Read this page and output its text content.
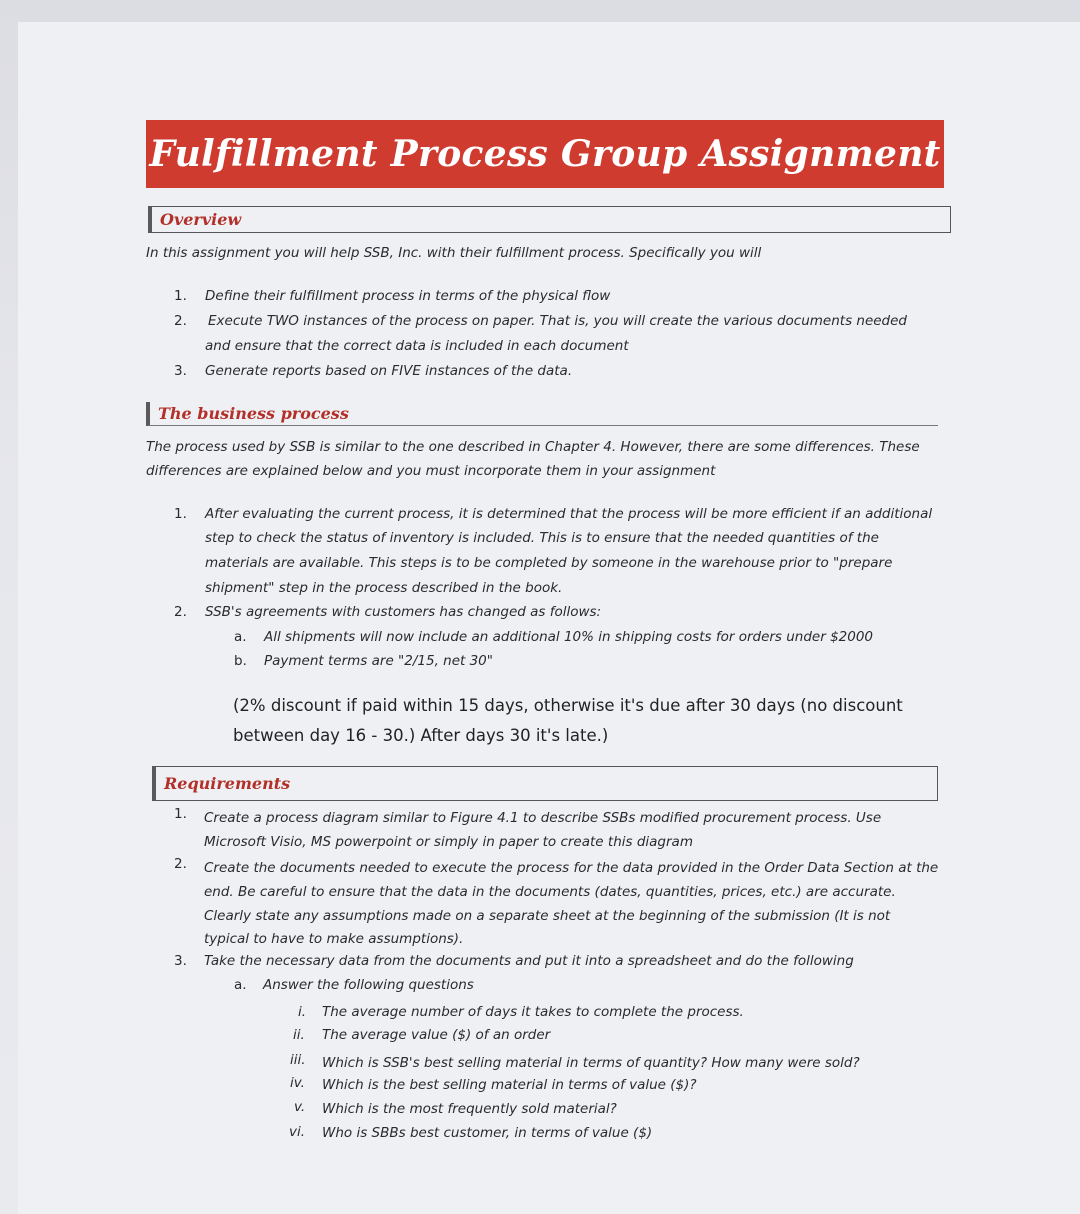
Fulfillment Process Group Assignment
Overview
In this assignment you will help SSB, Inc. with their fulfillment process. Specifically you will
1. Define their fulfillment process in terms of the physical flow
2. Execute TWO instances of the process on paper. That is, you will create the various documents needed
and ensure that the correct data is included in each document
3. Generate reports based on FIVE instances of the data.
The business process
The process used by SSB is similar to the one described in Chapter 4. However, there are some differences. These
differences are explained below and you must incorporate them in your assignment
1. After evaluating the current process, it is determined that the process will be more efficient if an additional
step to check the status of inventory is included. This is to ensure that the needed quantities of the
materials are available. This steps is to be completed by someone in the warehouse prior to "prepare
shipment" step in the process described in the book.
2. SSB's agreements with customers has changed as follows:
a. All shipments will now include an additional 10% in shipping costs for orders under $2000
b. Payment terms are "2/15, net 30"
(2% discount if paid within 15 days, otherwise it's due after 30 days (no discount
between day 16 - 30.) After days 30 it's late.)
Requirements
1. Create a process diagram similar to Figure 4.1 to describe SSBs modified procurement process. Use
Microsoft Visio, MS powerpoint or simply in paper to create this diagram
2. Create the documents needed to execute the process for the data provided in the Order Data Section at the
end. Be careful to ensure that the data in the documents (dates, quantities, prices, etc.) are accurate.
Clearly state any assumptions made on a separate sheet at the beginning of the submission (It is not
typical to have to make assumptions).
3. Take the necessary data from the documents and put it into a spreadsheet and do the following
a. Answer the following questions
i. The average number of days it takes to complete the process.
ii. The average value ($) of an order
iii. Which is SSB's best selling material in terms of quantity? How many were sold?
iv. Which is the best selling material in terms of value ($)?
v. Which is the most frequently sold material?
vi. Who is SBBs best customer, in terms of value ($)
